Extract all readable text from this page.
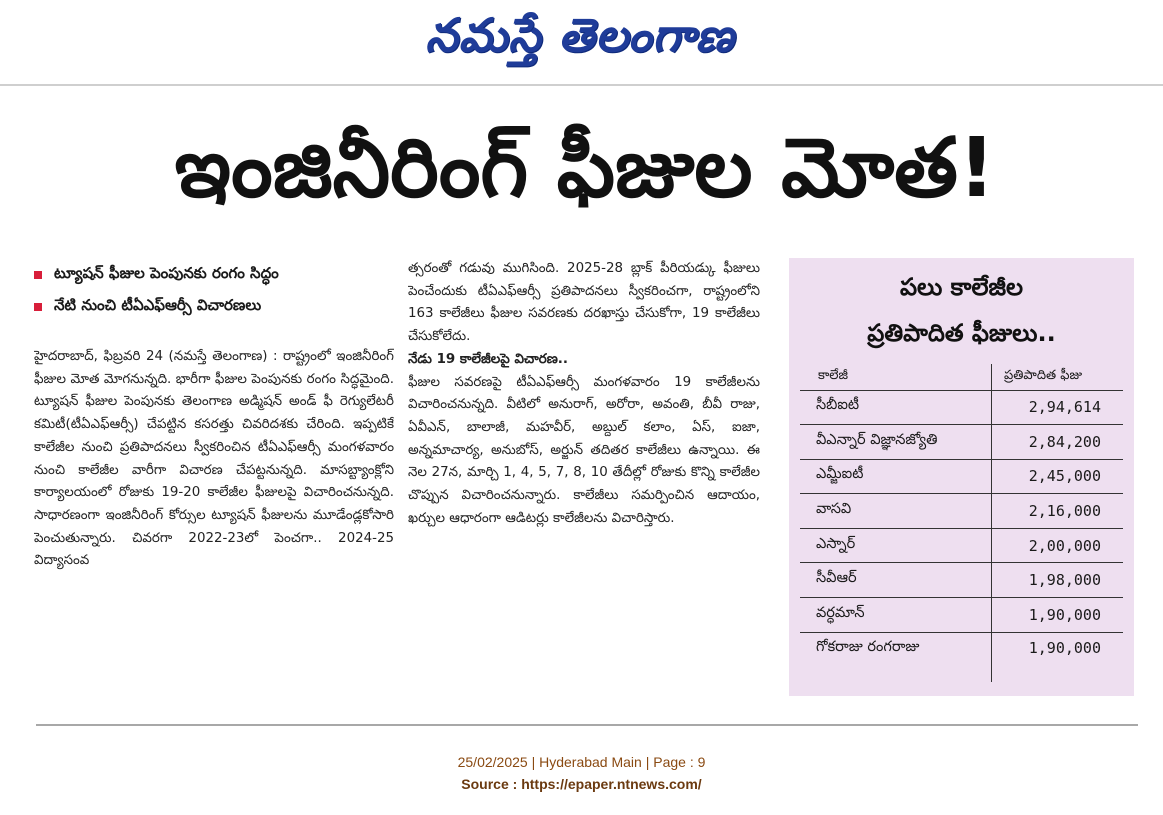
నమస్తే తెలంగాణ
ఇంజినీరింగ్ ఫీజుల మోత!
ట్యూషన్ ఫీజుల పెంపునకు రంగం సిద్ధం
నేటి నుంచి టీఏఎఫ్ఆర్సీ విచారణలు
హైదరాబాద్, ఫిబ్రవరి 24 (నమస్తే తెలంగాణ) : రాష్ట్రంలో ఇంజినీరింగ్ ఫీజుల మోత మోగనున్నది. భారీగా ఫీజుల పెంపునకు రంగం సిద్ధమైంది. ట్యూషన్ ఫీజుల పెంపునకు తెలంగాణ అడ్మిషన్ అండ్ ఫీ రెగ్యులేటరీ కమిటీ(టీఏఎఫ్ఆర్సీ) చేపట్టిన కసరత్తు చివరిదశకు చేరింది. ఇప్పటికే కాలేజీల నుంచి ప్రతిపాదనలు స్వీకరించిన టీఏఎఫ్ఆర్సీ మంగళవారం నుంచి కాలేజీల వారీగా విచారణ చేపట్టనున్నది. మాసబ్ట్యాంక్లోని కార్యాలయంలో రోజుకు 19-20 కాలేజీల ఫీజులపై విచారించనున్నది. సాధారణంగా ఇంజినీరింగ్ కోర్సుల ట్యూషన్ ఫీజులను మూడేండ్లకోసారి పెంచుతున్నారు. చివరగా 2022-23లో పెంచగా.. 2024-25 విద్యాసంవ
త్సరంతో గడువు ముగిసింది. 2025-28 బ్లాక్ పీరియడ్కు ఫీజులు పెంచేందుకు టీఏఎఫ్ఆర్సీ ప్రతిపాదనలు స్వీకరించగా, రాష్ట్రంలోని 163 కాలేజీలు ఫీజుల సవరణకు దరఖాస్తు చేసుకోగా, 19 కాలేజీలు చేసుకోలేదు.
నేడు 19 కాలేజీలపై విచారణ..
ఫీజుల సవరణపై టీఏఎఫ్ఆర్సీ మంగళవారం 19 కాలేజీలను విచారించనున్నది. వీటిలో అనురాగ్, అరోరా, అవంతి, బీవీ రాజు, ఏవీఎన్, బాలాజీ, మహవీర్, అబ్దుల్ కలాం, ఏస్, ఐజా, అన్నమాచార్య, అనుబోస్, అర్జున్ తదితర కాలేజీలు ఉన్నాయి. ఈ నెల 27న, మార్చి 1, 4, 5, 7, 8, 10 తేదీల్లో రోజుకు కొన్ని కాలేజీల చొప్పున విచారించనున్నారు. కాలేజీలు సమర్పించిన ఆదాయం, ఖర్చుల ఆధారంగా ఆడిటర్లు కాలేజీలను విచారిస్తారు.
పలు కాలేజీల
ప్రతిపాదిత ఫీజులు..
కాలేజీ	ప్రతిపాదిత ఫీజు
సీబీఐటీ	2,94,614
వీఎన్నార్ విజ్ఞానజ్యోతి	2,84,200
ఎమ్జీఐటీ	2,45,000
వాసవి	2,16,000
ఎస్నార్	2,00,000
సీవీఆర్	1,98,000
వర్ధమాన్	1,90,000
గోకరాజు రంగరాజు	1,90,000
25/02/2025 | Hyderabad Main | Page : 9
Source : https://epaper.ntnews.com/
